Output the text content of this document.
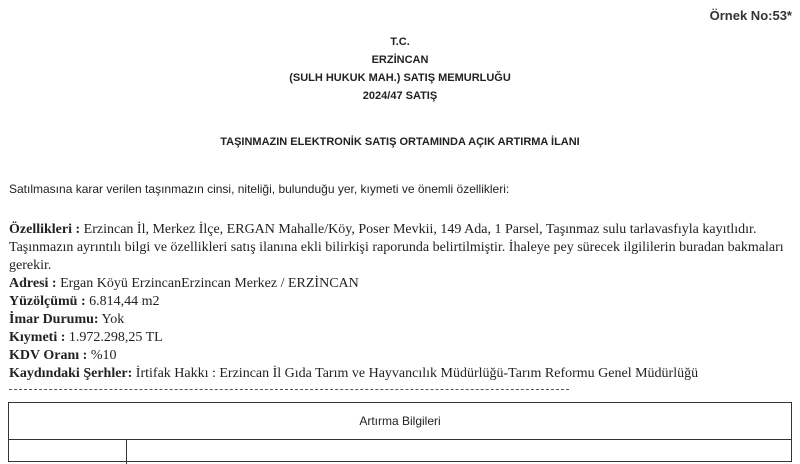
Örnek No:53*
T.C.
ERZİNCAN
(SULH HUKUK MAH.) SATIŞ MEMURLUĞU
2024/47 SATIŞ
TAŞINMAZIN ELEKTRONİK SATIŞ ORTAMINDA AÇIK ARTIRMA İLANI
Satılmasına karar verilen taşınmazın cinsi, niteliği, bulunduğu yer, kıymeti ve önemli özellikleri:

Özellikleri : Erzincan İl, Merkez İlçe, ERGAN Mahalle/Köy, Poser Mevkii, 149 Ada, 1 Parsel, Taşınmaz sulu tarlavasfıyla kayıtlıdır. Taşınmazın ayrıntılı bilgi ve özellikleri satış ilanına ekli bilirkişi raporunda belirtilmiştir. İhaleye pey sürecek ilgililerin buradan bakmaları gerekir.

Adresi : Ergan Köyü ErzincanErzincan Merkez / ERZİNCAN

Yüzölçümü : 6.814,44 m2

İmar Durumu: Yok

Kıymeti : 1.972.298,25 TL

KDV Oranı : %10

Kaydındaki Şerhler: İrtifak Hakkı : Erzincan İl Gıda Tarım ve Hayvancılık Müdürlüğü-Tarım Reformu Genel Müdürlüğü

Artırma Bilgileri
